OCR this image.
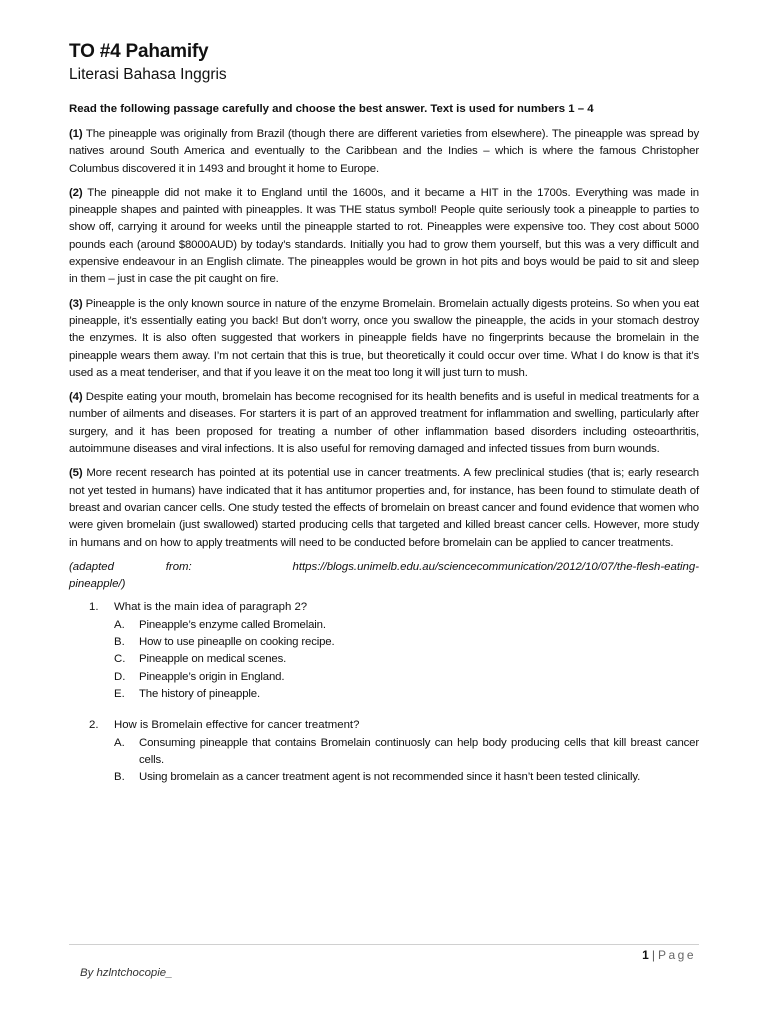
TO #4 Pahamify
Literasi Bahasa Inggris

Read the following passage carefully and choose the best answer. Text is used for numbers 1 – 4

(1) The pineapple was originally from Brazil (though there are different varieties from elsewhere). The pineapple was spread by natives around South America and eventually to the Caribbean and the Indies – which is where the famous Christopher Columbus discovered it in 1493 and brought it home to Europe.

(2) The pineapple did not make it to England until the 1600s, and it became a HIT in the 1700s. Everything was made in pineapple shapes and painted with pineapples. It was THE status symbol! People quite seriously took a pineapple to parties to show off, carrying it around for weeks until the pineapple started to rot. Pineapples were expensive too. They cost about 5000 pounds each (around $8000AUD) by today’s standards. Initially you had to grow them yourself, but this was a very difficult and expensive endeavour in an English climate. The pineapples would be grown in hot pits and boys would be paid to sit and sleep in them – just in case the pit caught on fire.

(3) Pineapple is the only known source in nature of the enzyme Bromelain. Bromelain actually digests proteins. So when you eat pineapple, it’s essentially eating you back! But don’t worry, once you swallow the pineapple, the acids in your stomach destroy the enzymes. It is also often suggested that workers in pineapple fields have no fingerprints because the bromelain in the pineapple wears them away. I’m not certain that this is true, but theoretically it could occur over time. What I do know is that it’s used as a meat tenderiser, and that if you leave it on the meat too long it will just turn to mush.

(4) Despite eating your mouth, bromelain has become recognised for its health benefits and is useful in medical treatments for a number of ailments and diseases. For starters it is part of an approved treatment for inflammation and swelling, particularly after surgery, and it has been proposed for treating a number of other inflammation based disorders including osteoarthritis, autoimmune diseases and viral infections. It is also useful for removing damaged and infected tissues from burn wounds.

(5) More recent research has pointed at its potential use in cancer treatments. A few preclinical studies (that is; early research not yet tested in humans) have indicated that it has antitumor properties and, for instance, has been found to stimulate death of breast and ovarian cancer cells. One study tested the effects of bromelain on breast cancer and found evidence that women who were given bromelain (just swallowed) started producing cells that targeted and killed breast cancer cells. However, more study in humans and on how to apply treatments will need to be conducted before bromelain can be applied to cancer treatments.

(adapted	from:	https://blogs.unimelb.edu.au/sciencecommunication/2012/10/07/the-flesh-eating-pineapple/)

1.	What is the main idea of paragraph 2?
A.	Pineapple’s enzyme called Bromelain.
B.	How to use pineaplle on cooking recipe.
C.	Pineapple on medical scenes.
D.	Pineapple’s origin in England.
E.	The history of pineapple.
2.	How is Bromelain effective for cancer treatment?
A.	Consuming pineapple that contains Bromelain continuosly can help body producing cells that kill breast cancer cells.
B.	Using bromelain as a cancer treatment agent is not recommended since it hasn’t been tested clinically.
1 | Page
By hzlntchocopie_
